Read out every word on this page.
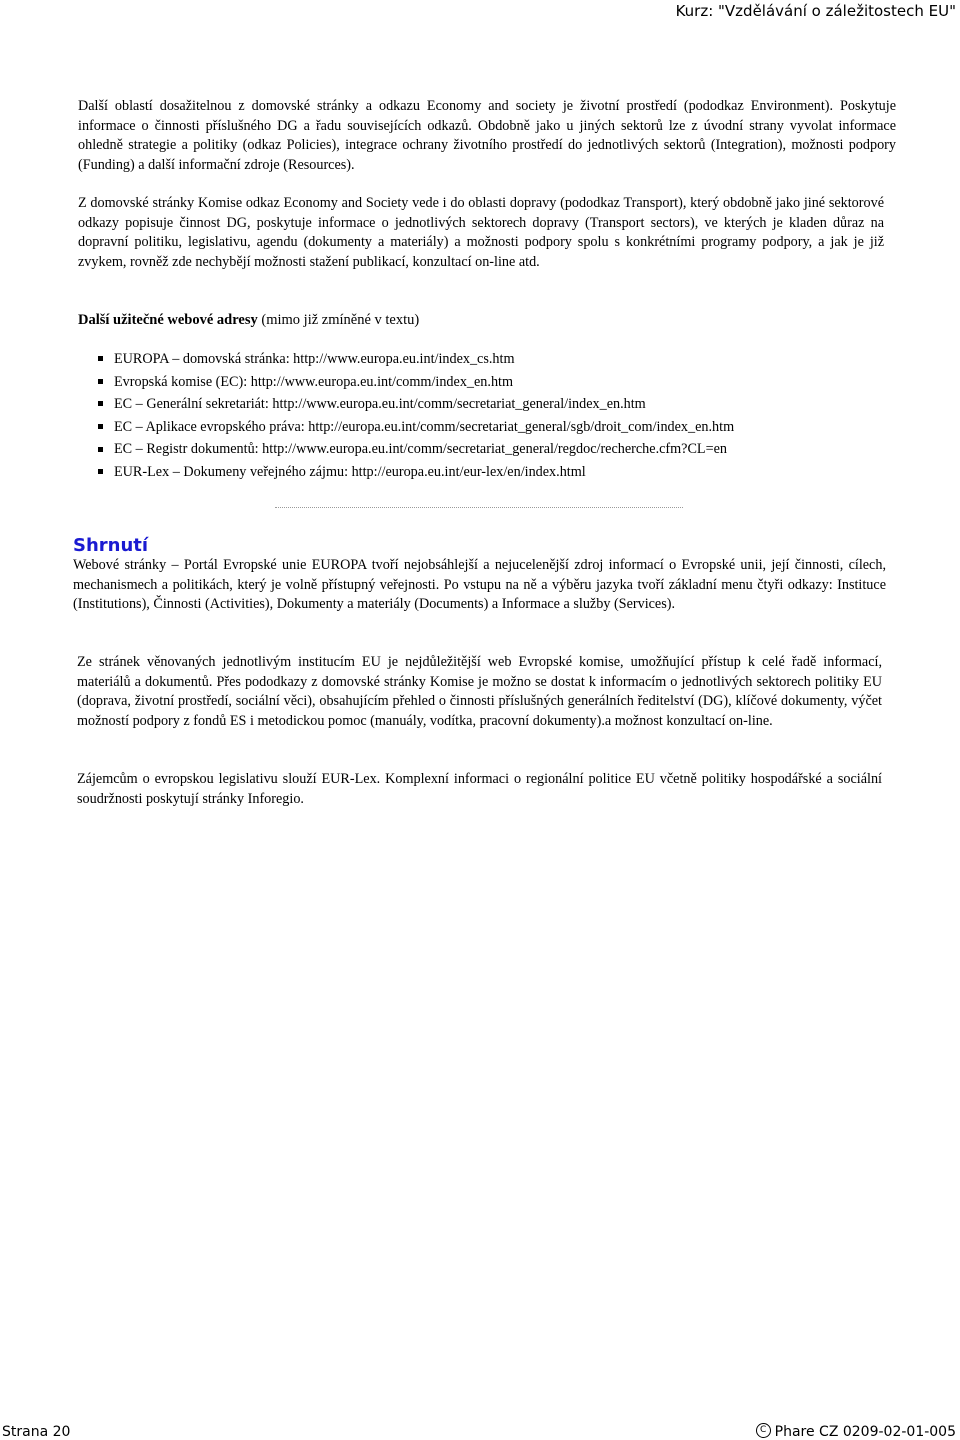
Kurz: "Vzdělávání o záležitostech EU"
Další oblastí dosažitelnou z domovské stránky a odkazu Economy and society je životní prostředí (pododkaz Environment). Poskytuje informace o činnosti příslušného DG a řadu souvisejících odkazů. Obdobně jako u jiných sektorů lze z úvodní strany vyvolat informace ohledně strategie a politiky (odkaz Policies), integrace ochrany životního prostředí do jednotlivých sektorů (Integration), možnosti podpory (Funding) a další informační zdroje (Resources).
Z domovské stránky Komise odkaz Economy and Society vede i do oblasti dopravy (pododkaz Transport), který obdobně jako jiné sektorové odkazy popisuje činnost DG, poskytuje informace o jednotlivých sektorech dopravy (Transport sectors), ve kterých je kladen důraz na dopravní politiku, legislativu, agendu (dokumenty a materiály) a možnosti podpory spolu s konkrétními programy podpory, a jak je již zvykem, rovněž zde nechybějí možnosti stažení publikací, konzultací on-line atd.
Další užitečné webové adresy (mimo již zmíněné v textu)
EUROPA – domovská stránka: http://www.europa.eu.int/index_cs.htm
Evropská komise (EC): http://www.europa.eu.int/comm/index_en.htm
EC – Generální sekretariát: http://www.europa.eu.int/comm/secretariat_general/index_en.htm
EC – Aplikace evropského práva: http://europa.eu.int/comm/secretariat_general/sgb/droit_com/index_en.htm
EC – Registr dokumentů: http://www.europa.eu.int/comm/secretariat_general/regdoc/recherche.cfm?CL=en
EUR-Lex – Dokumeny veřejného zájmu: http://europa.eu.int/eur-lex/en/index.html
Shrnutí
Webové stránky – Portál Evropské unie EUROPA tvoří nejobsáhlejší a nejucelenější zdroj informací o Evropské unii, její činnosti, cílech, mechanismech a politikách, který je volně přístupný veřejnosti. Po vstupu na ně a výběru jazyka tvoří základní menu čtyři odkazy: Instituce (Institutions), Činnosti (Activities), Dokumenty a materiály (Documents) a Informace a služby (Services).
Ze stránek věnovaných jednotlivým institucím EU je nejdůležitější web Evropské komise, umožňující přístup k celé řadě informací, materiálů a dokumentů. Přes pododkazy z domovské stránky Komise je možno se dostat k informacím o jednotlivých sektorech politiky EU (doprava, životní prostředí, sociální věci), obsahujícím přehled o činnosti příslušných generálních ředitelství (DG), klíčové dokumenty, výčet možností podpory z fondů ES i metodickou pomoc (manuály, vodítka, pracovní dokumenty).a možnost konzultací on-line.
Zájemcům o evropskou legislativu slouží EUR-Lex. Komplexní informaci o regionální politice EU včetně politiky hospodářské a sociální soudržnosti poskytují stránky Inforegio.
Strana 20	C Phare CZ 0209-02-01-005
